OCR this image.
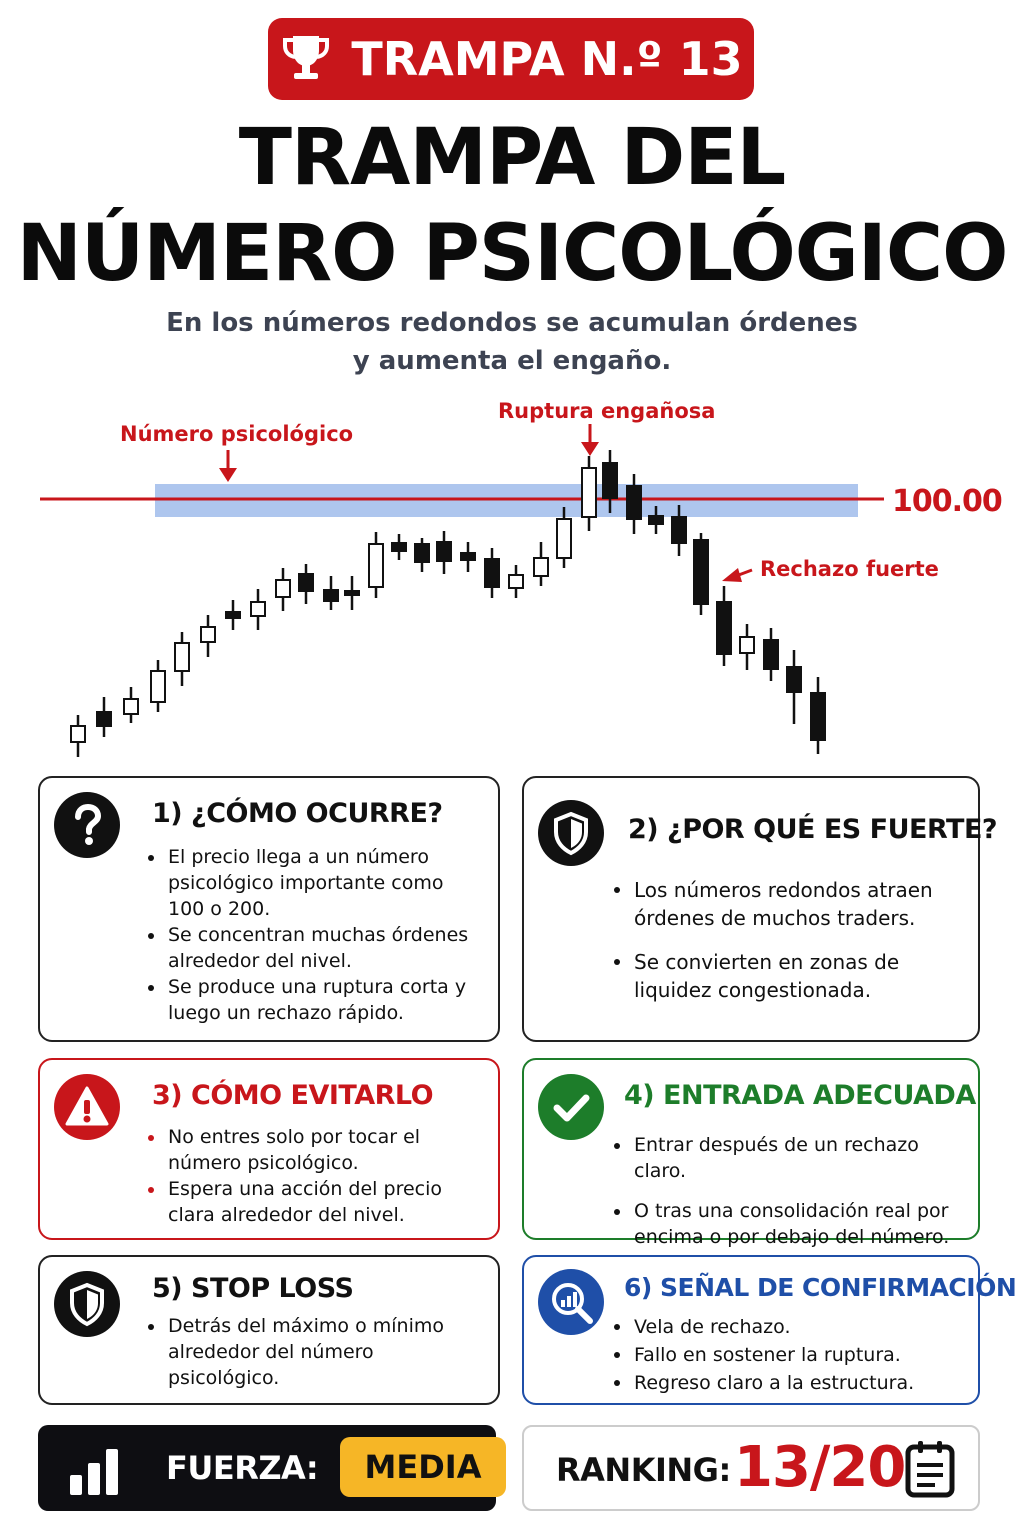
TRAMPA N.º 13
TRAMPA DEL
NÚMERO PSICOLÓGICO
En los números redondos se acumulan órdenes
y aumenta el engaño.
100.00
Número psicológico
Ruptura engañosa
Rechazo fuerte
1) ¿CÓMO OCURRE?
El precio llega a un número psicológico importante como 100 o 200.
Se concentran muchas órdenes alrededor del nivel.
Se produce una ruptura corta y luego un rechazo rápido.
2) ¿POR QUÉ ES FUERTE?
Los números redondos atraen órdenes de muchos traders.
Se convierten en zonas de liquidez congestionada.
3) CÓMO EVITARLO
No entres solo por tocar el número psicológico.
Espera una acción del precio clara alrededor del nivel.
4) ENTRADA ADECUADA
Entrar después de un rechazo claro.
O tras una consolidación real por encima o por debajo del número.
5) STOP LOSS
Detrás del máximo o mínimo alrededor del número psicológico.
6) SEÑAL DE CONFIRMACIÓN
Vela de rechazo.
Fallo en sostener la ruptura.
Regreso claro a la estructura.
FUERZA:	MEDIA	RANKING: 13/20
